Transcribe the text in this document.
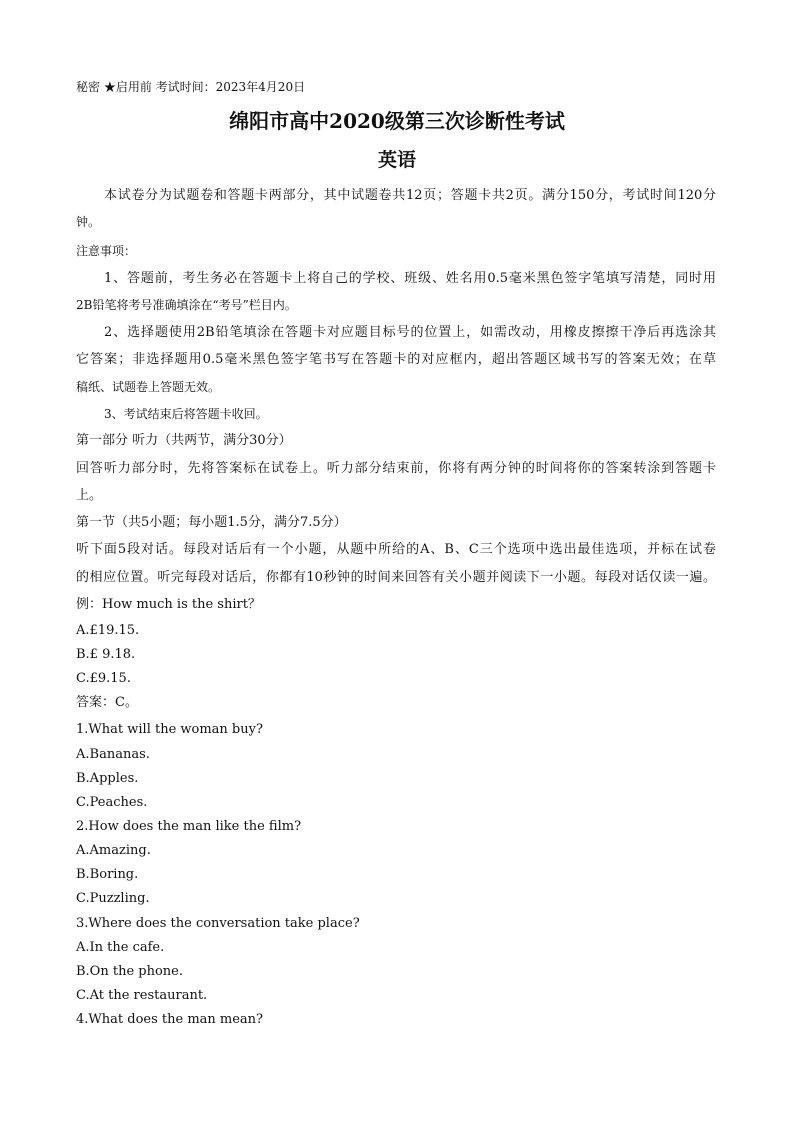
秘密 ★启用前 考试时间：2023年4月20日
绵阳市高中2020级第三次诊断性考试
英语
本试卷分为试题卷和答题卡两部分，其中试题卷共12页；答题卡共2页。满分150分，考试时间120分
钟。
注意事项：
1、答题前，考生务必在答题卡上将自己的学校、班级、姓名用0.5毫米黑色签字笔填写清楚，同时用
2B铅笔将考号准确填涂在“考号”栏目内。
2、选择题使用2B铅笔填涂在答题卡对应题目标号的位置上，如需改动，用橡皮擦擦干净后再选涂其
它答案；非选择题用0.5毫米黑色签字笔书写在答题卡的对应框内，超出答题区域书写的答案无效；在草
稿纸、试题卷上答题无效。
3、考试结束后将答题卡收回。
第一部分 听力（共两节，满分30分）
回答听力部分时，先将答案标在试卷上。听力部分结束前，你将有两分钟的时间将你的答案转涂到答题卡
上。
第一节（共5小题；每小题1.5分，满分7.5分）
听下面5段对话。每段对话后有一个小题，从题中所给的A、B、C三个选项中选出最佳选项，并标在试卷
的相应位置。听完每段对话后，你都有10秒钟的时间来回答有关小题并阅读下一小题。每段对话仅读一遍。
例：How much is the shirt？
A.£19.15.
B.£ 9.18.
C.£9.15.
答案：C。
1.What will the woman buy?
A.Bananas.
B.Apples.
C.Peaches.
2.How does the man like the film?
A.Amazing.
B.Boring.
C.Puzzling.
3.Where does the conversation take place?
A.In the cafe.
B.On the phone.
C.At the restaurant.
4.What does the man mean?
